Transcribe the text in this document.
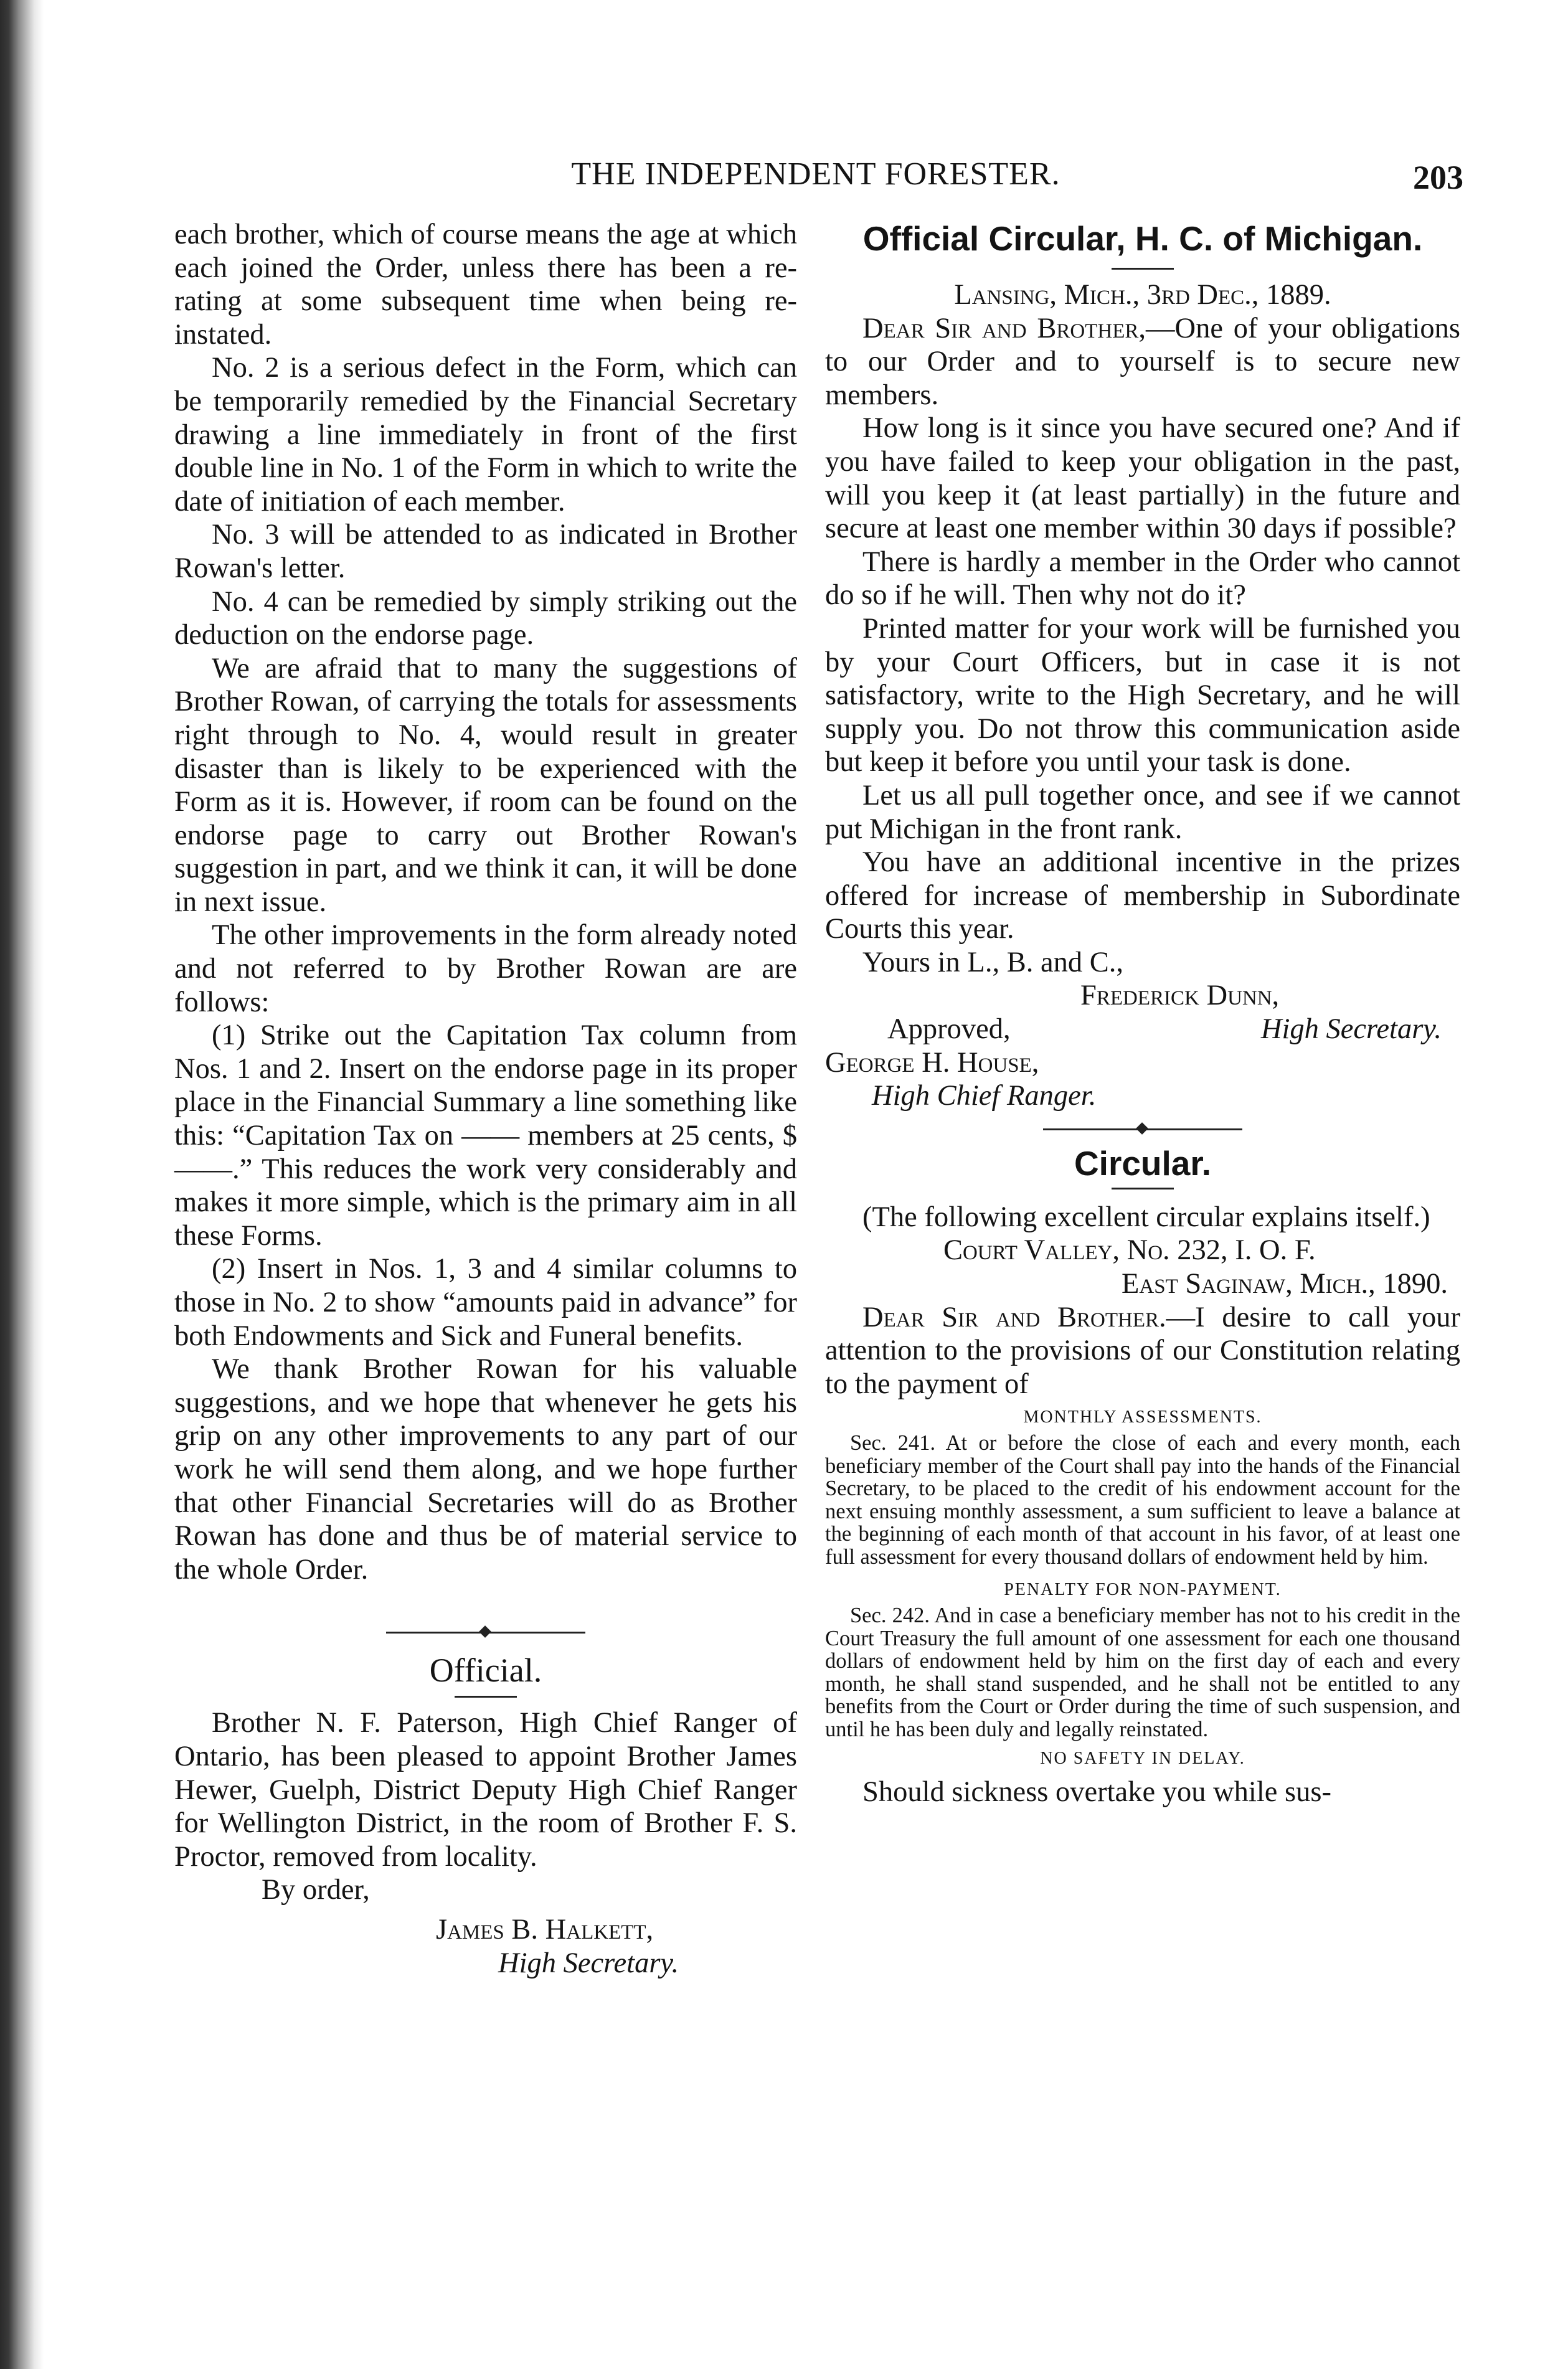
THE INDEPENDENT FORESTER.	203

each brother, which of course means the age at which each joined the Order, unless there has been a re-rating at some subsequent time when being re-instated.

No. 2 is a serious defect in the Form, which can be temporarily remedied by the Financial Secretary drawing a line immediately in front of the first double line in No. 1 of the Form in which to write the date of initiation of each member.

No. 3 will be attended to as indicated in Brother Rowan's letter.

No. 4 can be remedied by simply striking out the deduction on the endorse page.

We are afraid that to many the suggestions of Brother Rowan, of carrying the totals for assessments right through to No. 4, would result in greater disaster than is likely to be experienced with the Form as it is. However, if room can be found on the endorse page to carry out Brother Rowan's suggestion in part, and we think it can, it will be done in next issue.

The other improvements in the form already noted and not referred to by Brother Rowan are are follows:

(1) Strike out the Capitation Tax column from Nos. 1 and 2. Insert on the endorse page in its proper place in the Financial Summary a line something like this: “Capitation Tax on —— members at 25 cents, $——.” This reduces the work very considerably and makes it more simple, which is the primary aim in all these Forms.

(2) Insert in Nos. 1, 3 and 4 similar columns to those in No. 2 to show “amounts paid in advance” for both Endowments and Sick and Funeral benefits.

We thank Brother Rowan for his valuable suggestions, and we hope that whenever he gets his grip on any other improvements to any part of our work he will send them along, and we hope further that other Financial Secretaries will do as Brother Rowan has done and thus be of material service to the whole Order.

Official.

Brother N. F. Paterson, High Chief Ranger of Ontario, has been pleased to appoint Brother James Hewer, Guelph, District Deputy High Chief Ranger for Wellington District, in the room of Brother F. S. Proctor, removed from locality.

By order,

James B. Halkett,

High Secretary.

Official Circular, H. C. of Michigan.

Lansing, Mich., 3rd Dec., 1889.

Dear Sir and Brother,—One of your obligations to our Order and to yourself is to secure new members.

How long is it since you have secured one? And if you have failed to keep your obligation in the past, will you keep it (at least partially) in the future and secure at least one member within 30 days if possible?

There is hardly a member in the Order who cannot do so if he will. Then why not do it?

Printed matter for your work will be furnished you by your Court Officers, but in case it is not satisfactory, write to the High Secretary, and he will supply you. Do not throw this communication aside but keep it before you until your task is done.

Let us all pull together once, and see if we cannot put Michigan in the front rank.

You have an additional incentive in the prizes offered for increase of membership in Subordinate Courts this year.

Yours in L., B. and C.,

Frederick Dunn,

Approved,	High Secretary.

George H. House,

High Chief Ranger.

Circular.

(The following excellent circular explains itself.)

Court Valley, No. 232, I. O. F.

East Saginaw, Mich., 1890.

Dear Sir and Brother.—I desire to call your attention to the provisions of our Constitution relating to the payment of

MONTHLY ASSESSMENTS.

Sec. 241. At or before the close of each and every month, each beneficiary member of the Court shall pay into the hands of the Financial Secretary, to be placed to the credit of his endowment account for the next ensuing monthly assessment, a sum sufficient to leave a balance at the beginning of each month of that account in his favor, of at least one full assessment for every thousand dollars of endowment held by him.

PENALTY FOR NON-PAYMENT.

Sec. 242. And in case a beneficiary member has not to his credit in the Court Treasury the full amount of one assessment for each one thousand dollars of endowment held by him on the first day of each and every month, he shall stand suspended, and he shall not be entitled to any benefits from the Court or Order during the time of such suspension, and until he has been duly and legally reinstated.

NO SAFETY IN DELAY.

Should sickness overtake you while sus-
